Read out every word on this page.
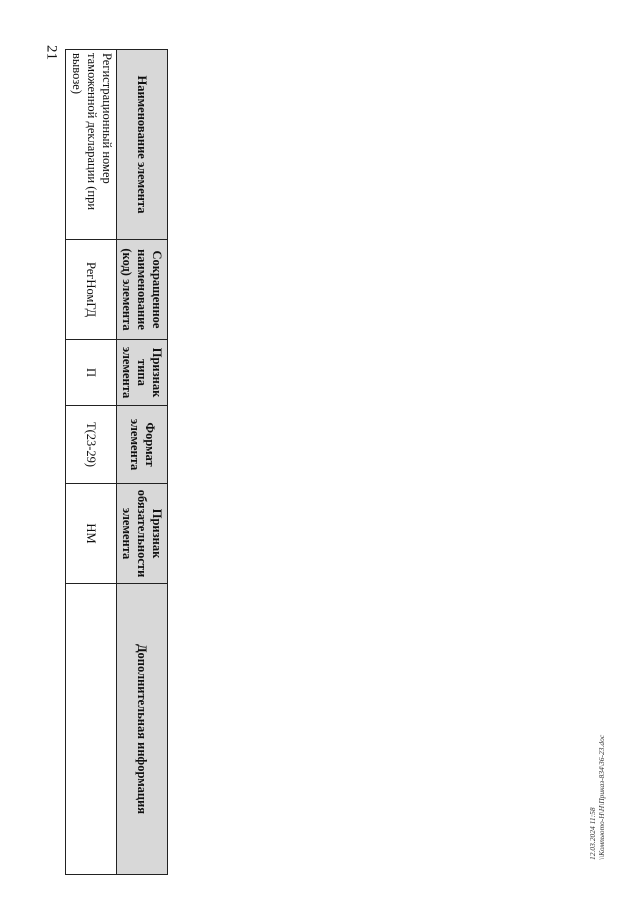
21
Наименование элемента	Сокращенное наименование (код) элемента	Признак типа элемента	Формат элемента	Признак обязательности элемента	Дополнительная информация
Регистрационный номер таможенной декларации (при вывозе)	РегНомГД	П	T(23-29)	НМ	
12.03.2024 11:58 \\Компьюто-Н\Н\Приказ-834\36-23.doc
